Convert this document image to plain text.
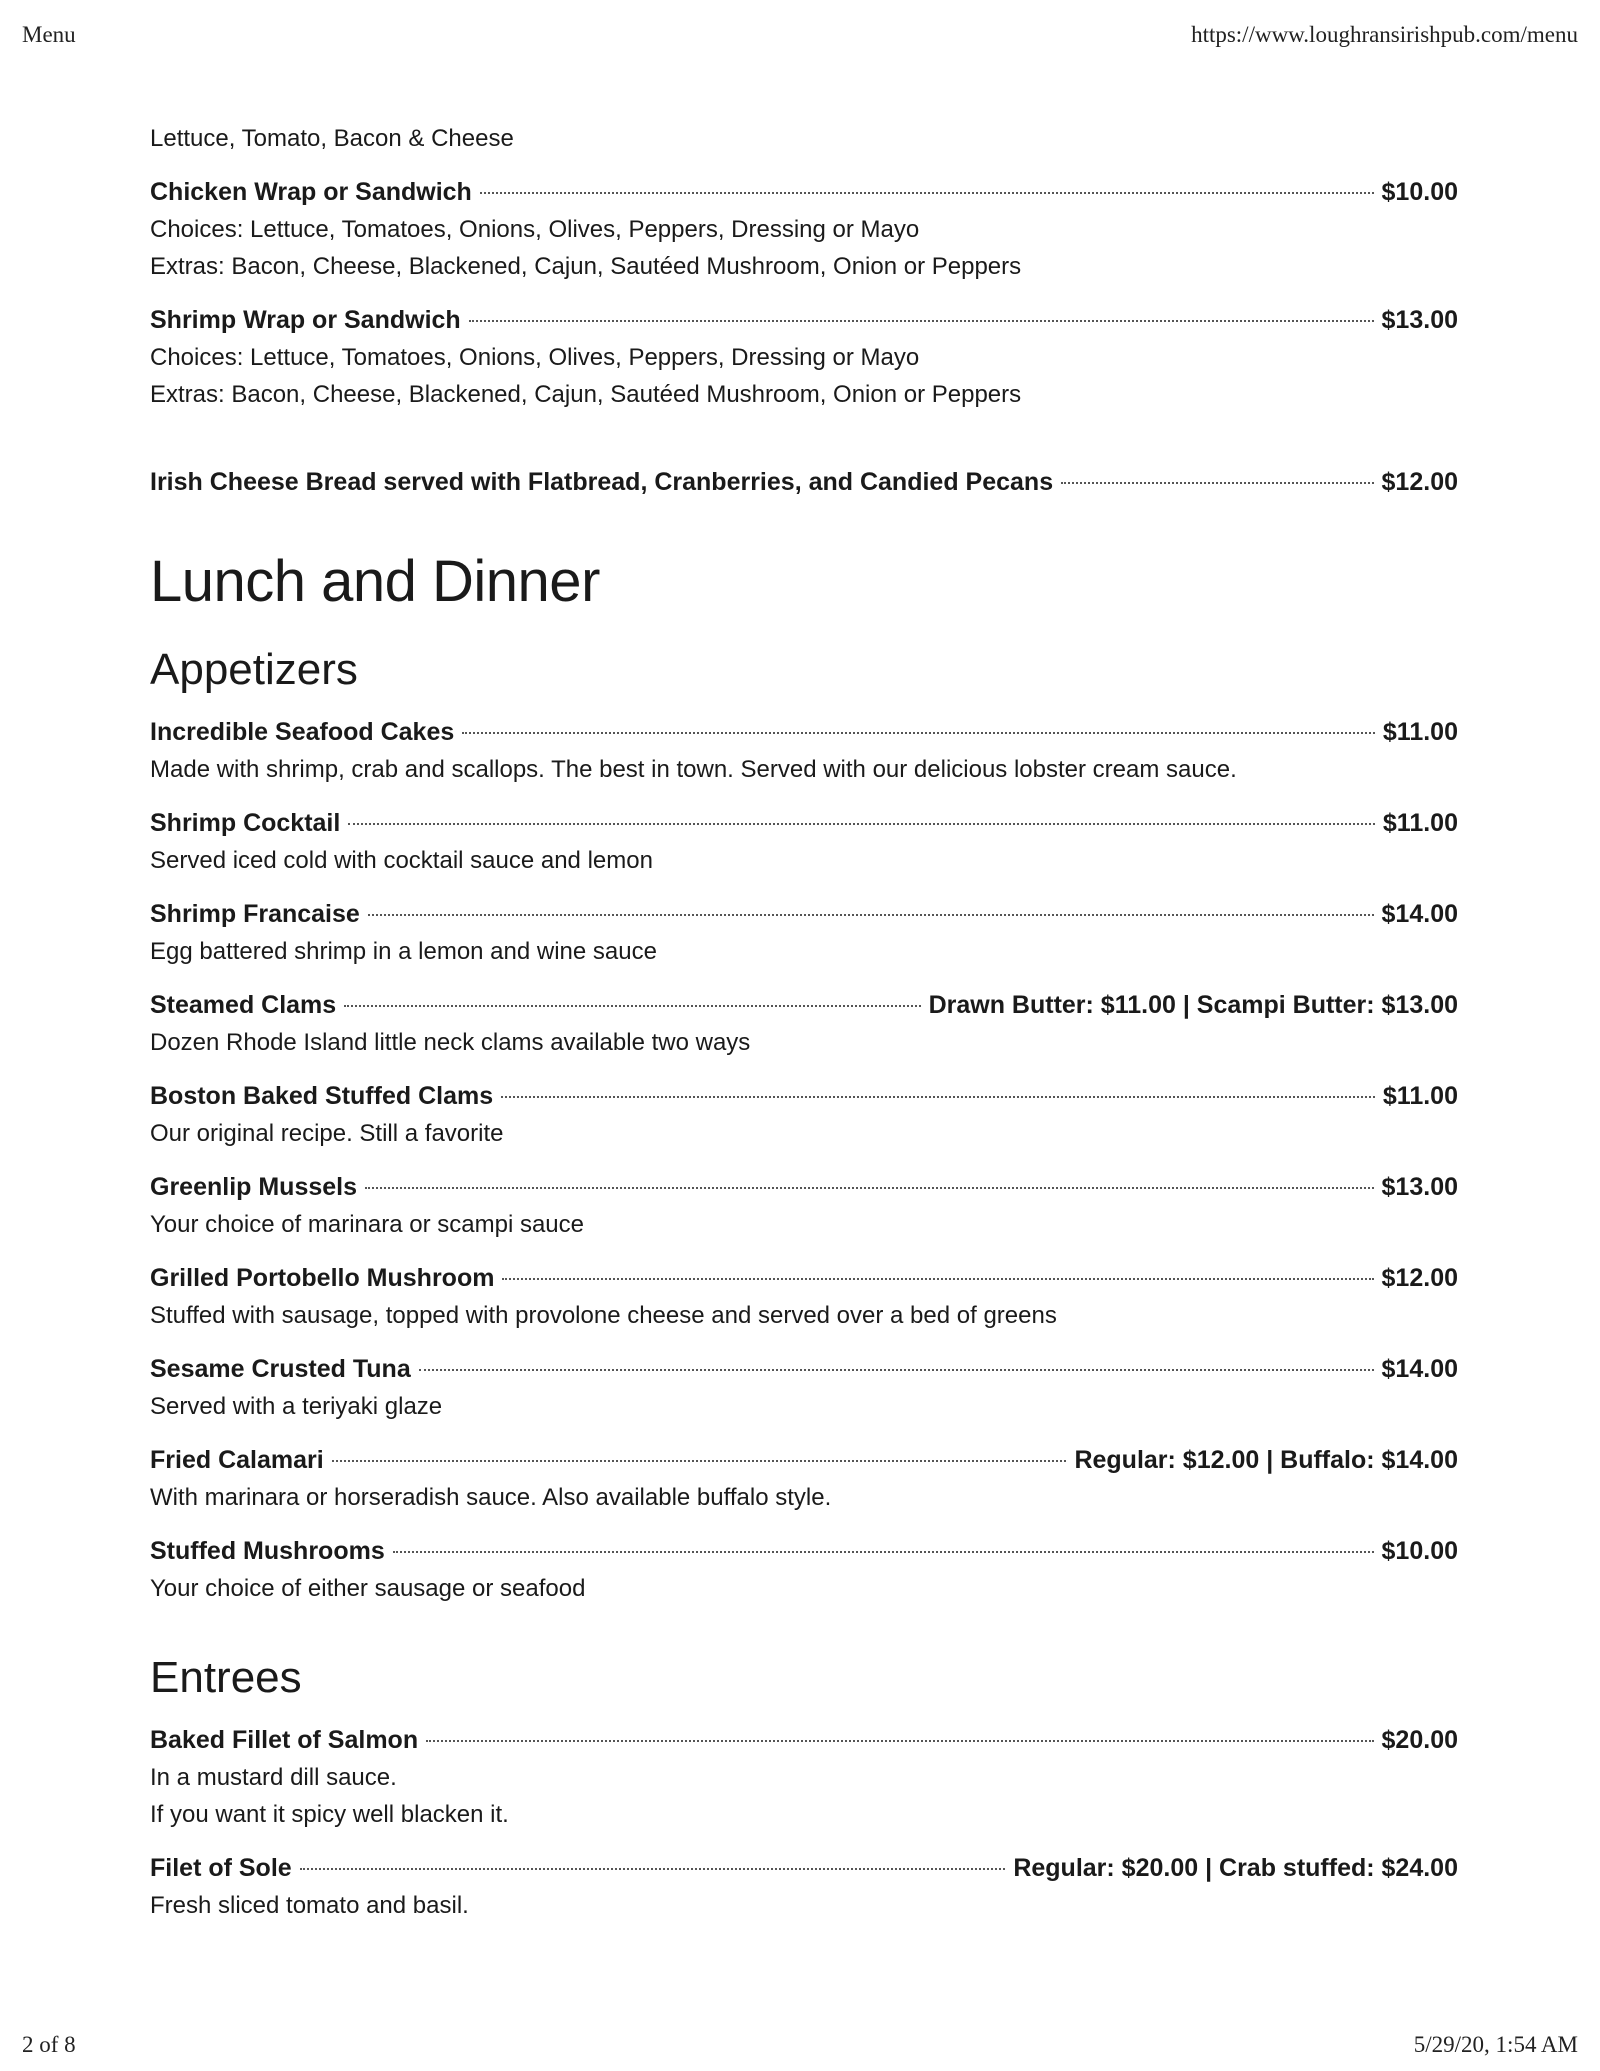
Menu	https://www.loughransirishpub.com/menu

Lettuce, Tomato, Bacon & Cheese

Chicken Wrap or Sandwich	$10.00

Choices: Lettuce, Tomatoes, Onions, Olives, Peppers, Dressing or Mayo

Extras: Bacon, Cheese, Blackened, Cajun, Sautéed Mushroom, Onion or Peppers

Shrimp Wrap or Sandwich	$13.00

Choices: Lettuce, Tomatoes, Onions, Olives, Peppers, Dressing or Mayo

Extras: Bacon, Cheese, Blackened, Cajun, Sautéed Mushroom, Onion or Peppers

Irish Cheese Bread served with Flatbread, Cranberries, and Candied Pecans	$12.00
Lunch and Dinner
Appetizers
Incredible Seafood Cakes	$11.00

Made with shrimp, crab and scallops. The best in town. Served with our delicious lobster cream sauce.

Shrimp Cocktail	$11.00

Served iced cold with cocktail sauce and lemon

Shrimp Francaise	$14.00

Egg battered shrimp in a lemon and wine sauce

Steamed Clams	Drawn Butter: $11.00 | Scampi Butter: $13.00

Dozen Rhode Island little neck clams available two ways

Boston Baked Stuffed Clams	$11.00

Our original recipe. Still a favorite

Greenlip Mussels	$13.00

Your choice of marinara or scampi sauce

Grilled Portobello Mushroom	$12.00

Stuffed with sausage, topped with provolone cheese and served over a bed of greens

Sesame Crusted Tuna	$14.00

Served with a teriyaki glaze

Fried Calamari	Regular: $12.00 | Buffalo: $14.00

With marinara or horseradish sauce. Also available buffalo style.

Stuffed Mushrooms	$10.00

Your choice of either sausage or seafood

Entrees
Baked Fillet of Salmon	$20.00

In a mustard dill sauce.

If you want it spicy well blacken it.

Filet of Sole	Regular: $20.00 | Crab stuffed: $24.00

Fresh sliced tomato and basil.

2 of 8	5/29/20, 1:54 AM
